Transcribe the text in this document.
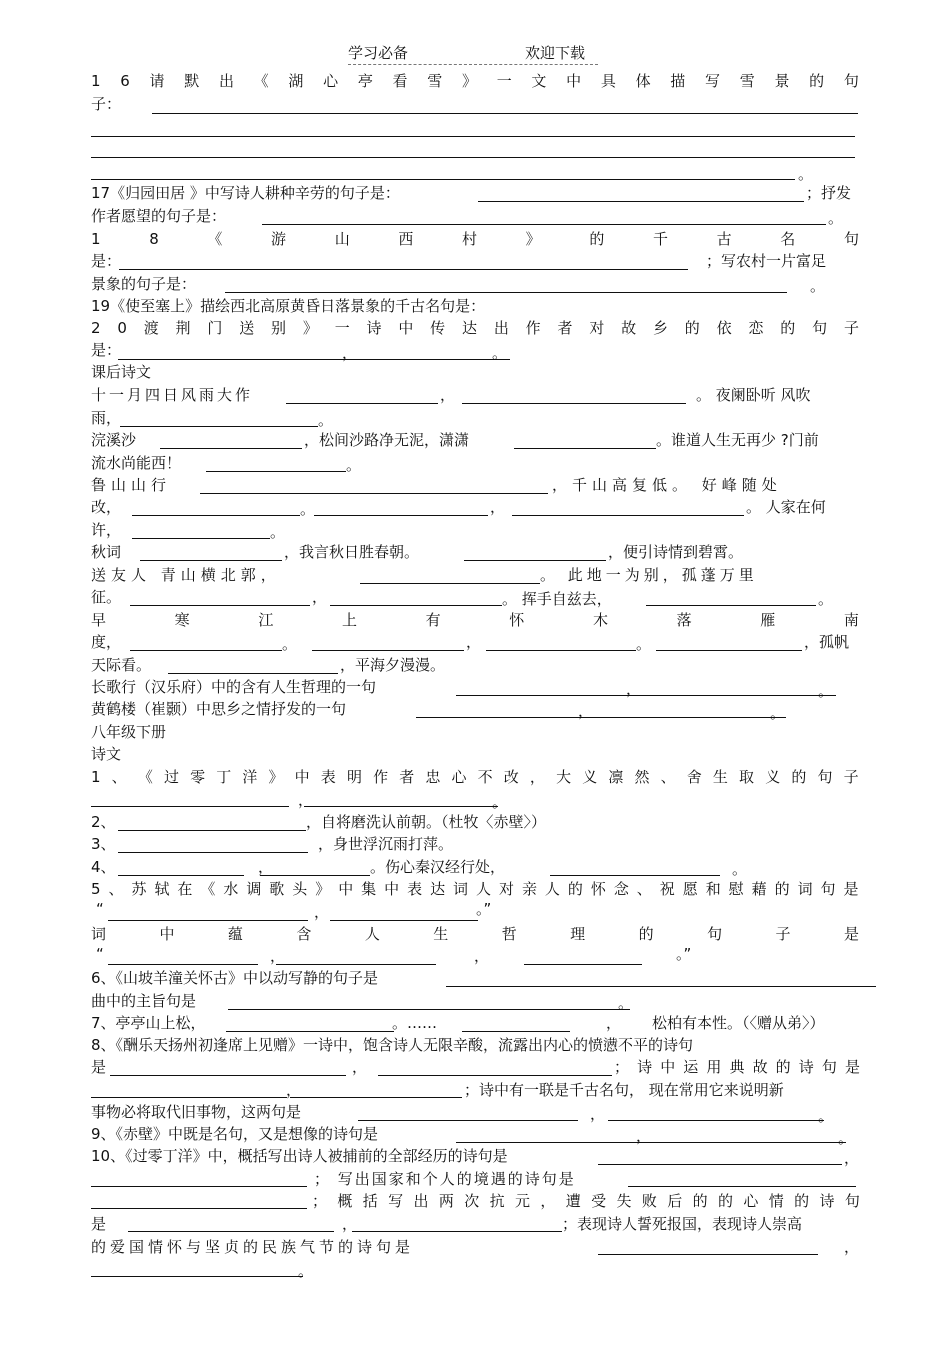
学习必备	欢迎下载
1 6 请 默 出 《 湖 心 亭 看 雪 》 一 文 中 具 体 描 写 雪 景 的 句
子：
。
17《归园田居 》中写诗人耕种辛劳的句子是：	；抒发
作者愿望的句子是：	。
1	8	《	游	山	西	村	》	的	千	古	名	句
是：	；写农村一片富足
景象的句子是：	。
19《使至塞上》描绘西北高原黄昏日落景象的千古名句是：
2 0 渡 荆 门 送 别 》 一 诗 中 传 达 出 作 者 对 故 乡 的 依 恋 的 句 子
是：	，	。
课后诗文
十一月四日风雨大作	，	。 夜阑卧听 风吹
雨，	。
浣溪沙	，松间沙路净无泥，潇潇	。谁道人生无再少 ?门前
流水尚能西！	。
鲁山山行	，千山高复低。 好峰随处
改，	。	，	。 人家在何
许，	。
秋词	，我言秋日胜春朝。	，便引诗情到碧霄。
送友人 青山横北郭，	。 此地一为别，孤蓬万里
征。	，	。 挥手自兹去，	。
早	寒	江	上	有	怀	木	落	雁	南
度，	。	，	。	，孤帆
天际看。	，平海夕漫漫。
长歌行（汉乐府）中的含有人生哲理的一句	，	。
黄鹤楼（崔颢）中思乡之情抒发的一句	，	。
八年级下册
诗文
1 、 《 过 零 丁 洋 》 中 表 明 作 者 忠 心 不 改 ， 大 义 凛 然 、 舍 生 取 义 的 句 子
，	。
2、	，自将磨洗认前朝。（杜牧〈赤壁〉）
3、	，身世浮沉雨打萍。
4、	，	。伤心秦汉经行处，	。
5 、 苏 轼 在 《 水 调 歌 头 》 中 集 中 表 达 词 人 对 亲 人 的 怀 念 、 祝 愿 和 慰 藉 的 词 句 是
“	，	。”
词	中	蕴	含	人	生	哲	理	的	句	子	是
“	，	，	。”
6、《山坡羊潼关怀古》中以动写静的句子是
曲中的主旨句是	。
7、亭亭山上松，	。……	，	松柏有本性。（〈赠从弟〉）
8、《酬乐天扬州初逢席上见赠》一诗中，饱含诗人无限辛酸，流露出内心的愤懑不平的诗句
是	，	； 诗 中 运 用 典 故 的 诗 句 是
，	；诗中有一联是千古名句， 现在常用它来说明新
事物必将取代旧事物，这两句是	，	。
9、《赤壁》中既是名句，又是想像的诗句是	，	。
10、《过零丁洋》中，概括写出诗人被捕前的全部经历的诗句是	，
； 写出国家和个人的境遇的诗句是
； 概 括 写 出 两 次 抗 元 ， 遭 受 失 败 后 的 的 心 情 的 诗 句
是	，	；表现诗人誓死报国，表现诗人崇高
的爱国情怀与坚贞的民族气节的诗句是	，
。
